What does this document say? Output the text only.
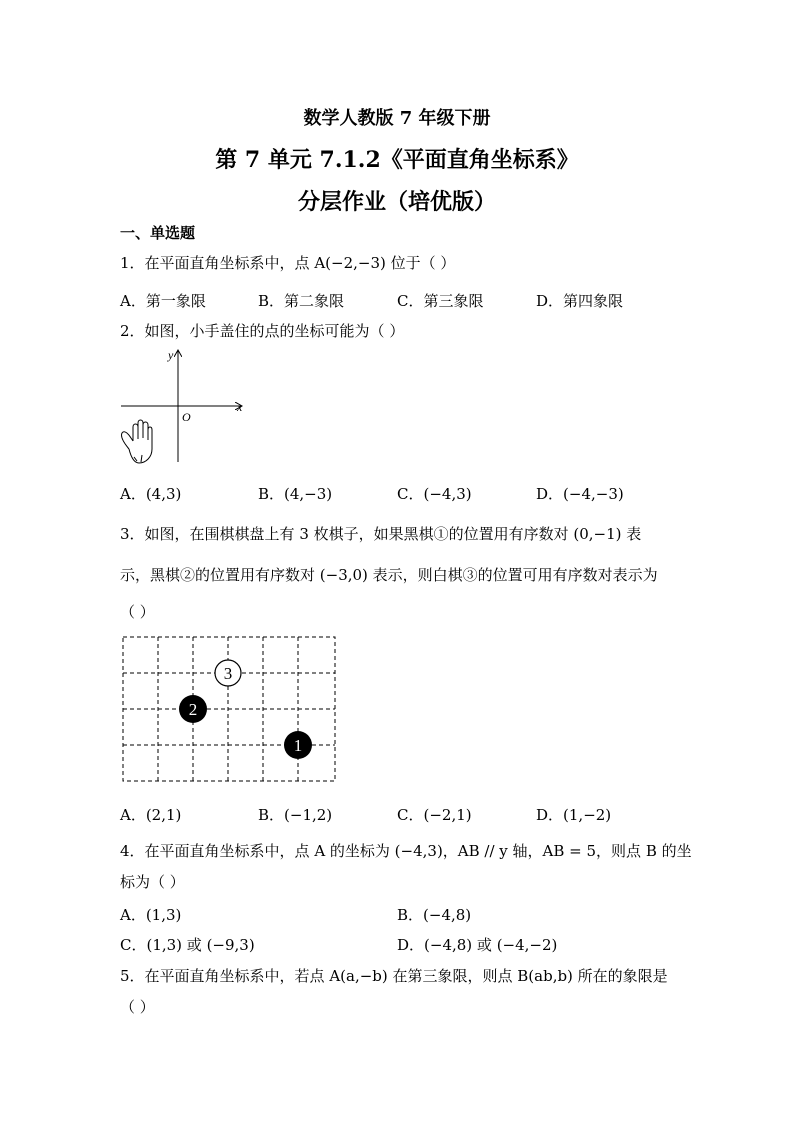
数学人教版 7 年级下册
第 7 单元 7.1.2《平面直角坐标系》
分层作业（培优版）
一、单选题
1．在平面直角坐标系中，点 A(−2,−3) 位于（ ）
A．第一象限	B．第二象限	C．第三象限	D．第四象限
2．如图，小手盖住的点的坐标可能为（ ）
y
x
O
A．(4,3)	B．(4,−3)	C．(−4,3)	D．(−4,−3)
3．如图，在围棋棋盘上有 3 枚棋子，如果黑棋①的位置用有序数对 (0,−1) 表
示，黑棋②的位置用有序数对 (−3,0) 表示，则白棋③的位置可用有序数对表示为
（ ）
3
2
1
A．(2,1)	B．(−1,2)	C．(−2,1)	D．(1,−2)
4．在平面直角坐标系中，点 A 的坐标为 (−4,3)，AB // y 轴，AB = 5，则点 B 的坐
标为（ ）
A．(1,3)	B．(−4,8)
C．(1,3) 或 (−9,3)	D．(−4,8) 或 (−4,−2)
5．在平面直角坐标系中，若点 A(a,−b) 在第三象限，则点 B(ab,b) 所在的象限是
（ ）
